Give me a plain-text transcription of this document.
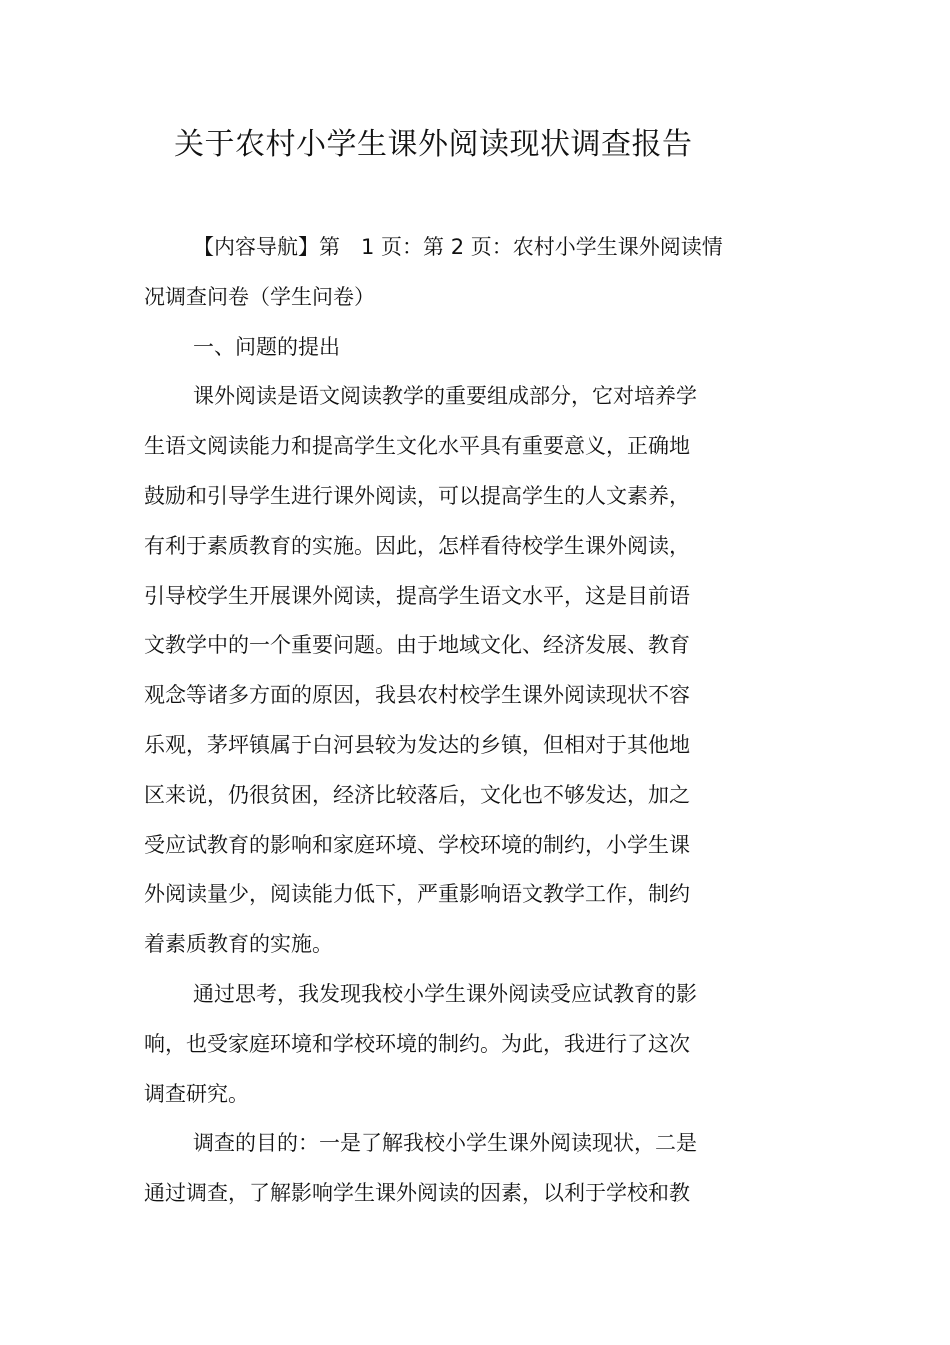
关于农村小学生课外阅读现状调查报告
【内容导航】第　1 页：第 2 页：农村小学生课外阅读情
况调查问卷（学生问卷）
一、问题的提出
课外阅读是语文阅读教学的重要组成部分，它对培养学
生语文阅读能力和提高学生文化水平具有重要意义，正确地
鼓励和引导学生进行课外阅读，可以提高学生的人文素养，
有利于素质教育的实施。因此，怎样看待校学生课外阅读，
引导校学生开展课外阅读，提高学生语文水平，这是目前语
文教学中的一个重要问题。由于地域文化、经济发展、教育
观念等诸多方面的原因，我县农村校学生课外阅读现状不容
乐观，茅坪镇属于白河县较为发达的乡镇，但相对于其他地
区来说，仍很贫困，经济比较落后，文化也不够发达，加之
受应试教育的影响和家庭环境、学校环境的制约，小学生课
外阅读量少，阅读能力低下，严重影响语文教学工作，制约
着素质教育的实施。
通过思考，我发现我校小学生课外阅读受应试教育的影
响，也受家庭环境和学校环境的制约。为此，我进行了这次
调查研究。
调查的目的：一是了解我校小学生课外阅读现状，二是
通过调查，了解影响学生课外阅读的因素，以利于学校和教
